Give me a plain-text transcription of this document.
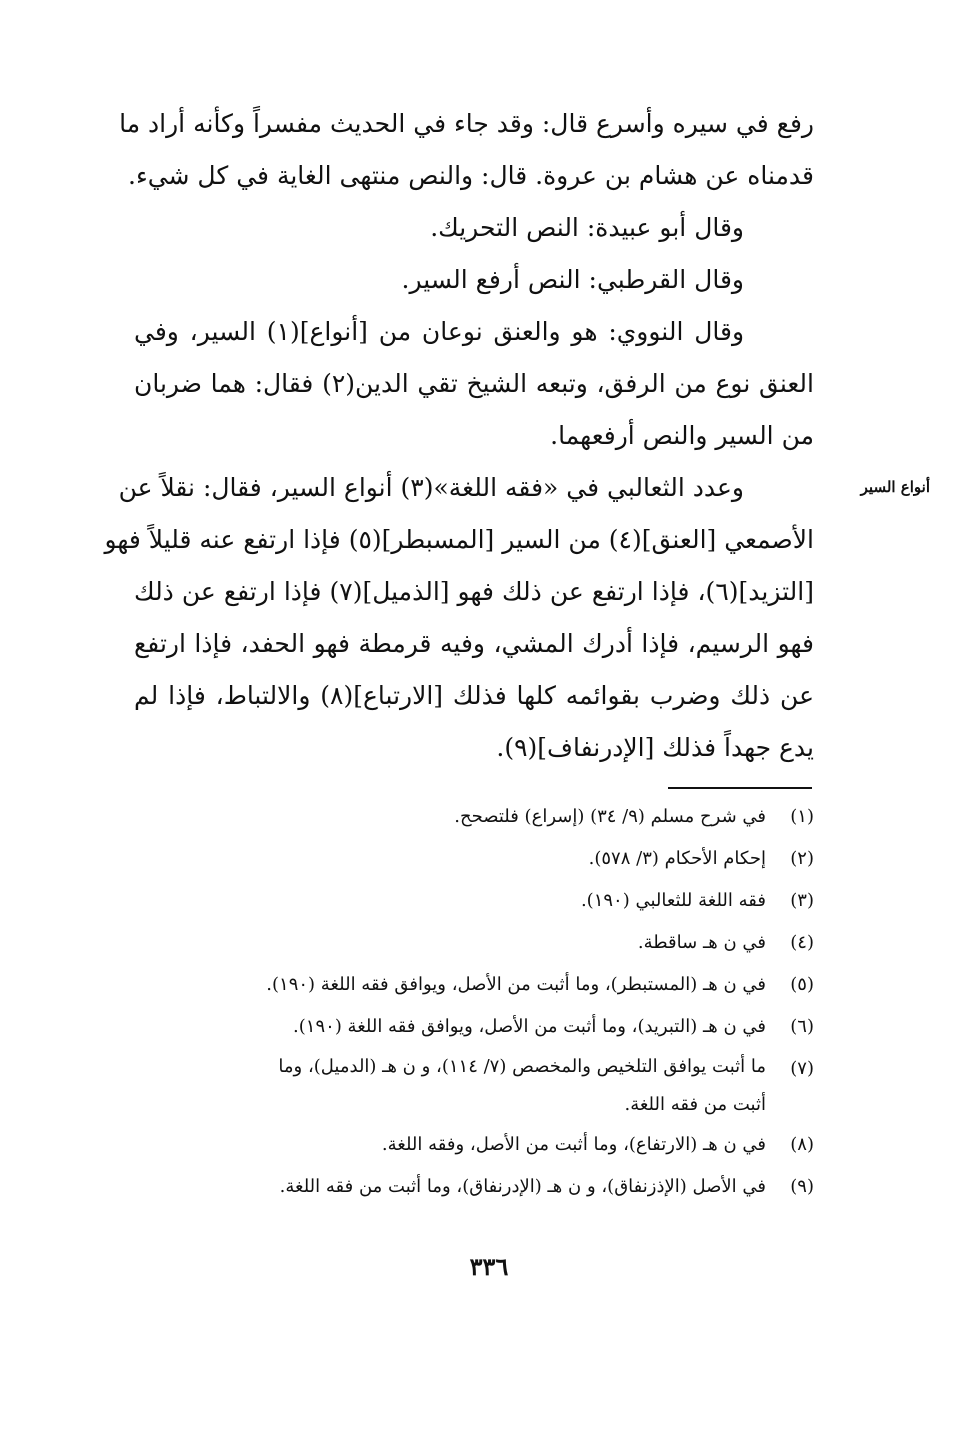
رفع في سيره وأسرع قال: وقد جاء في الحديث مفسراً وكأنه أراد ما
قدمناه عن هشام بن عروة. قال: والنص منتهى الغاية في كل شيء.
وقال أبو عبيدة: النص التحريك.
وقال القرطبي: النص أرفع السير.
وقال النووي: هو والعنق نوعان من [أنواع](١) السير، وفي
العنق نوع من الرفق، وتبعه الشيخ تقي الدين(٢) فقال: هما ضربان
من السير والنص أرفعهما.
وعدد الثعالبي في «فقه اللغة»(٣) أنواع السير، فقال: نقلاً عن
الأصمعي [العنق](٤) من السير [المسبطر](٥) فإذا ارتفع عنه قليلاً فهو
[التزيد](٦)، فإذا ارتفع عن ذلك فهو [الذميل](٧) فإذا ارتفع عن ذلك
فهو الرسيم، فإذا أدرك المشي، وفيه قرمطة فهو الحفد، فإذا ارتفع
عن ذلك وضرب بقوائمه كلها فذلك [الارتباع](٨) والالتباط، فإذا لم
يدع جهداً فذلك [الإدرنفاف](٩).
أنواع السير
(١)
في شرح مسلم (٩/ ٣٤) (إسراع) فلتصحح.
(٢)
إحكام الأحكام (٣/ ٥٧٨).
(٣)
فقه اللغة للثعالبي (١٩٠).
(٤)
في ن هـ ساقطة.
(٥)
في ن هـ (المستبطر)، وما أثبت من الأصل، ويوافق فقه اللغة (١٩٠).
(٦)
في ن هـ (التبريد)، وما أثبت من الأصل، ويوافق فقه اللغة (١٩٠).
(٧)
ما أثبت يوافق التلخيص والمخصص (٧/ ١١٤)، و ن هـ (الدميل)، وما
أثبت من فقه اللغة.
(٨)
في ن هـ (الارتفاع)، وما أثبت من الأصل، وفقه اللغة.
(٩)
في الأصل (الإذزنفاق)، و ن هـ (الإدرنفاق)، وما أثبت من فقه اللغة.
٣٣٦
